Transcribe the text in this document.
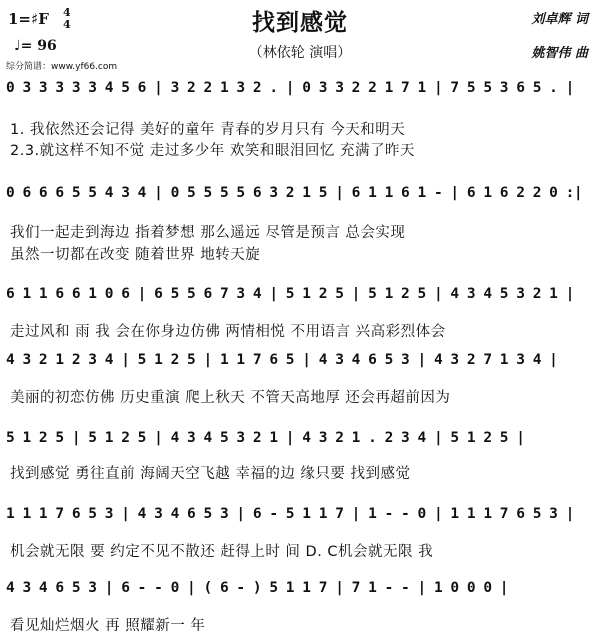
找到感觉
（林依轮 演唱）
1=♯F 4
4
♩= 96
综分简谱：www.yf66.com
刘卓辉 词
姚智伟 曲
0 3 3 3 3 3 4 5 6 | 3 2 2 1 3 2 . | 0 3 3 2 2 1 7 1 | 7 5 5 3 6 5 . |
1. 我依然还会记得 美好的童年 青春的岁月只有 今天和明天
2.3.就这样不知不觉 走过多少年 欢笑和眼泪回忆 充满了昨天
0 6 6 6 5 5 4 3 4 | 0 5 5 5 5 6 3 2 1 5 | 6 1 1 6 1 - | 6 1 6 2 2 0 :|
我们一起走到海边 指着梦想 那么遥远 尽管是预言 总会实现
虽然一切都在改变 随着世界 地转天旋
6 1 1 6 6 1 0 6 | 6 5 5 6 7 3 4 | 5 1 2 5 | 5 1 2 5 | 4 3 4 5 3 2 1 |
走过风和 雨 我 会在你身边仿佛 两情相悦 不用语言 兴高彩烈体会
4 3 2 1 2 3 4 | 5 1 2 5 | 1 1 7 6 5 | 4 3 4 6 5 3 | 4 3 2 7 1 3 4 |
美丽的初恋仿佛 历史重演 爬上秋天 不管天高地厚 还会再超前因为
5 1 2 5 | 5 1 2 5 | 4 3 4 5 3 2 1 | 4 3 2 1 . 2 3 4 | 5 1 2 5 |
找到感觉 勇往直前 海阔天空飞越 幸福的边 缘只要 找到感觉
1 1 1 7 6 5 3 | 4 3 4 6 5 3 | 6 - 5 1 1 7 | 1 - - 0 | 1 1 1 7 6 5 3 |
机会就无限 要 约定不见不散还 赶得上时 间 D. C机会就无限 我
4 3 4 6 5 3 | 6 - - 0 | ( 6 - ) 5 1 1 7 | 7 1 - - | 1 0 0 0 |
看见灿烂烟火 再 照耀新一 年
